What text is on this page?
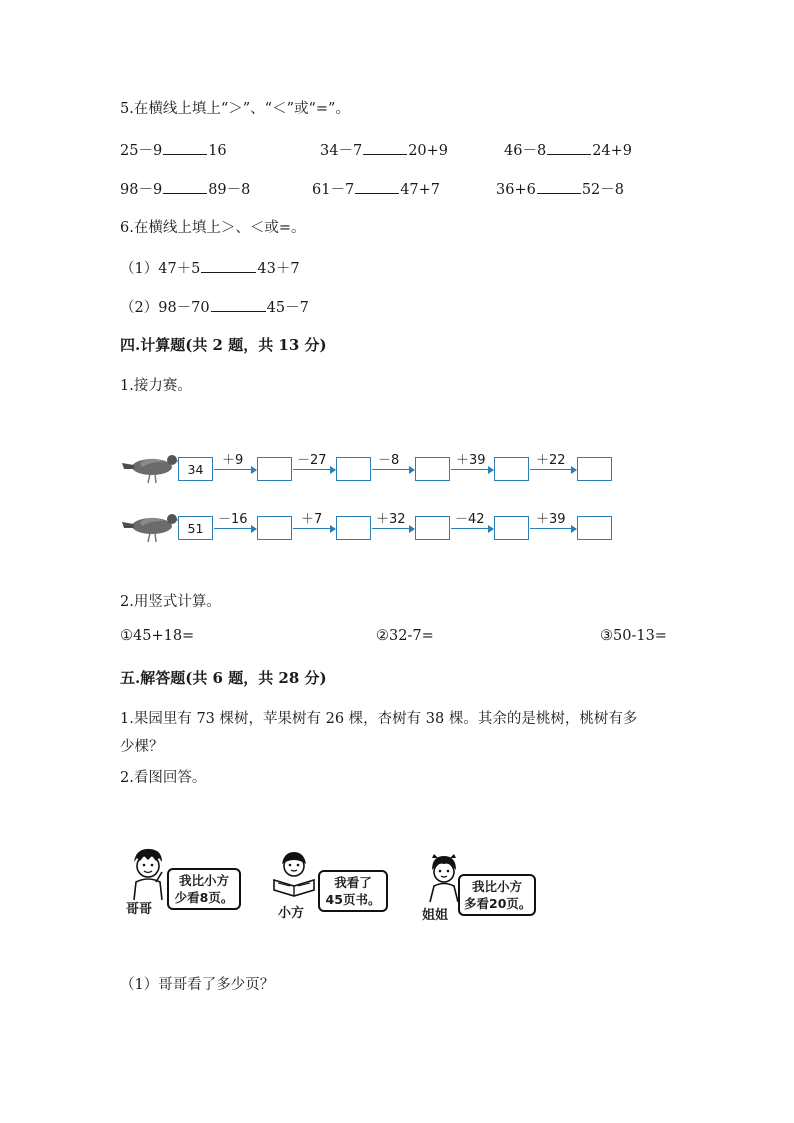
5.在横线上填上“＞”、“＜”或“=”。
25－9	16	34－7	20+9	46－8	24+9
98－9	89－8	61－7	47+7	36+6	52－8
6.在横线上填上＞、＜或=。
（1）47＋5	43＋7
（2）98－70	45－7
四.计算题(共 2 题，共 13 分)
1.接力赛。
34
＋9	－27	－8	＋39	＋22
51
－16	＋7	＋32	－42	＋39
2.用竖式计算。
①45+18=	②32-7=	③50-13=
五.解答题(共 6 题，共 28 分)
1.果园里有 73 棵树，苹果树有 26 棵，杏树有 38 棵。其余的是桃树，桃树有多
少棵？
2.看图回答。
哥哥
我比小方
少看8页。
小方
我看了
45页书。
姐姐
我比小方
多看20页。
（1）哥哥看了多少页？
